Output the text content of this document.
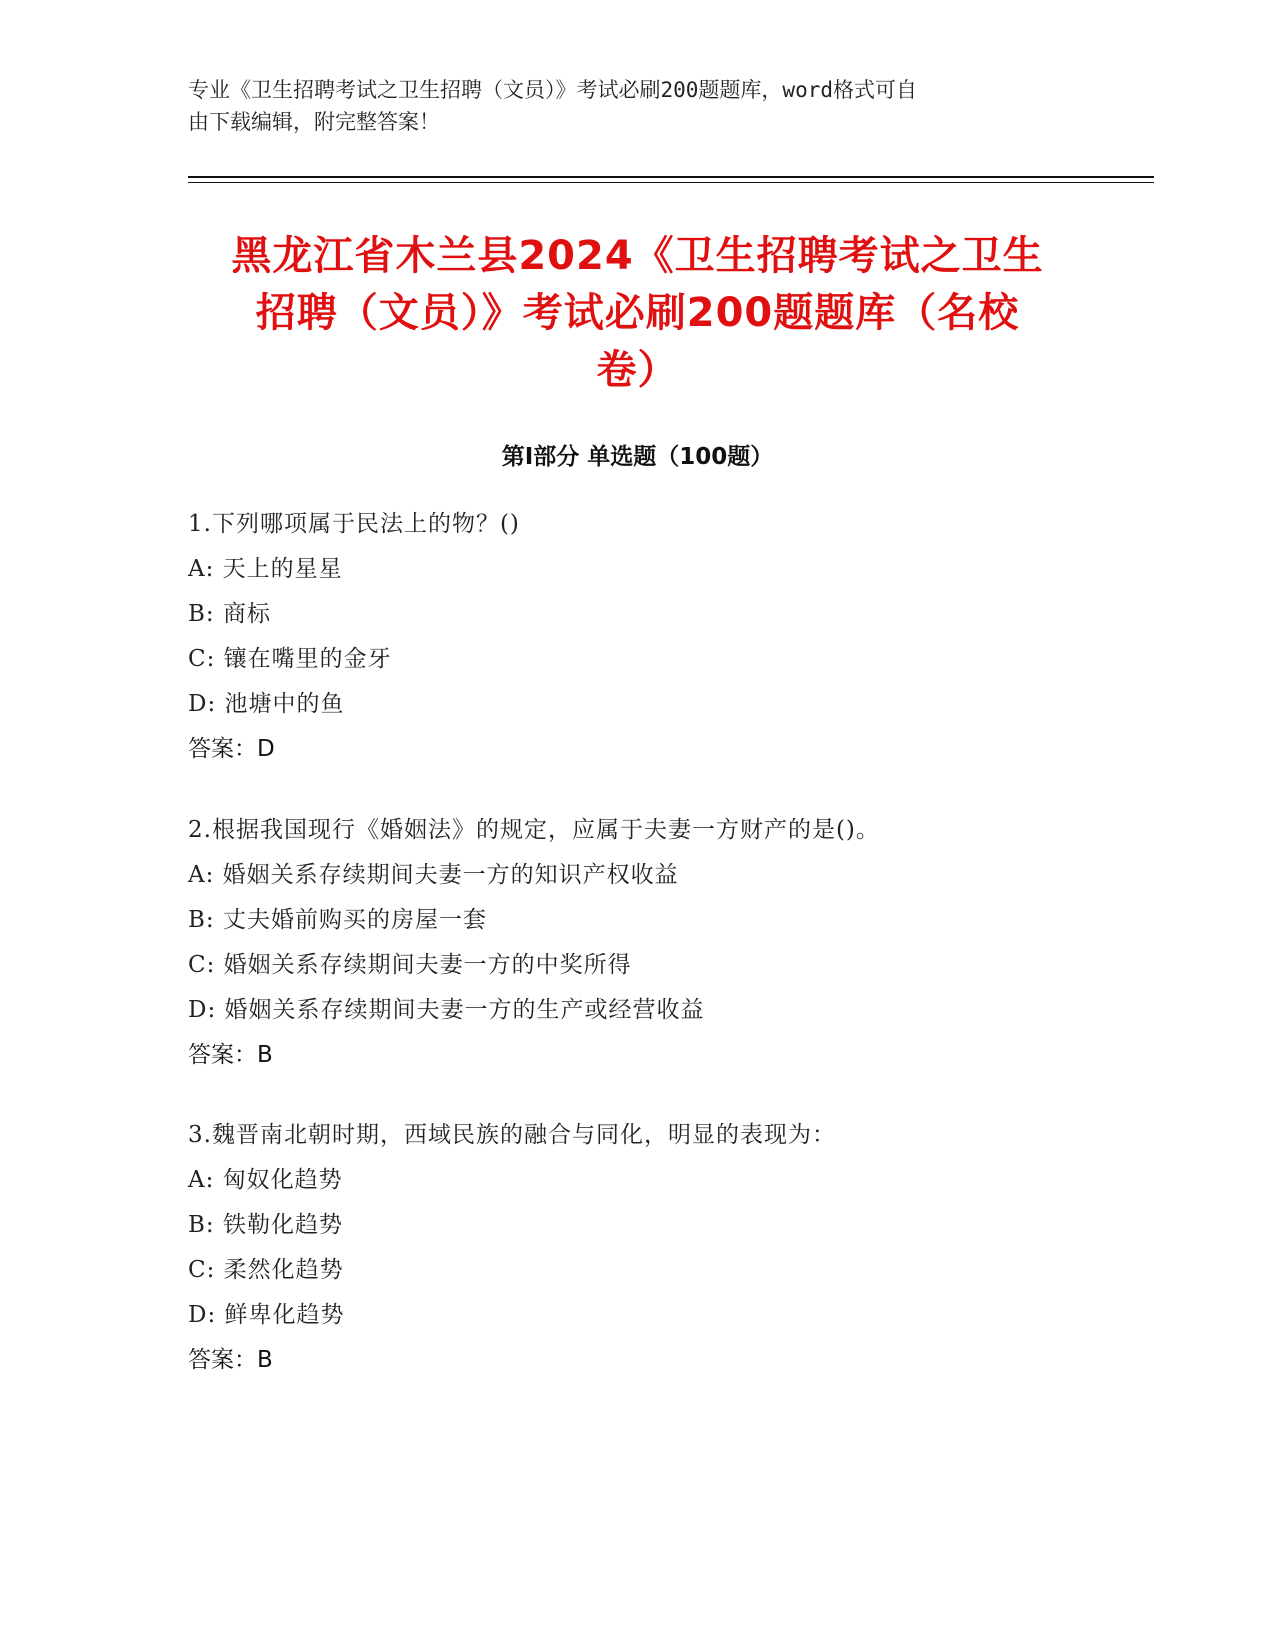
专业《卫生招聘考试之卫生招聘（文员）》考试必刷200题题库，word格式可自
由下载编辑，附完整答案！
黑龙江省木兰县2024《卫生招聘考试之卫生
招聘（文员）》考试必刷200题题库（名校
卷）
第I部分 单选题（100题）
1.下列哪项属于民法上的物？()
A: 天上的星星
B: 商标
C: 镶在嘴里的金牙
D: 池塘中的鱼
答案：D
2.根据我国现行《婚姻法》的规定，应属于夫妻一方财产的是()。
A: 婚姻关系存续期间夫妻一方的知识产权收益
B: 丈夫婚前购买的房屋一套
C: 婚姻关系存续期间夫妻一方的中奖所得
D: 婚姻关系存续期间夫妻一方的生产或经营收益
答案：B
3.魏晋南北朝时期，西域民族的融合与同化，明显的表现为：
A: 匈奴化趋势
B: 铁勒化趋势
C: 柔然化趋势
D: 鲜卑化趋势
答案：B
